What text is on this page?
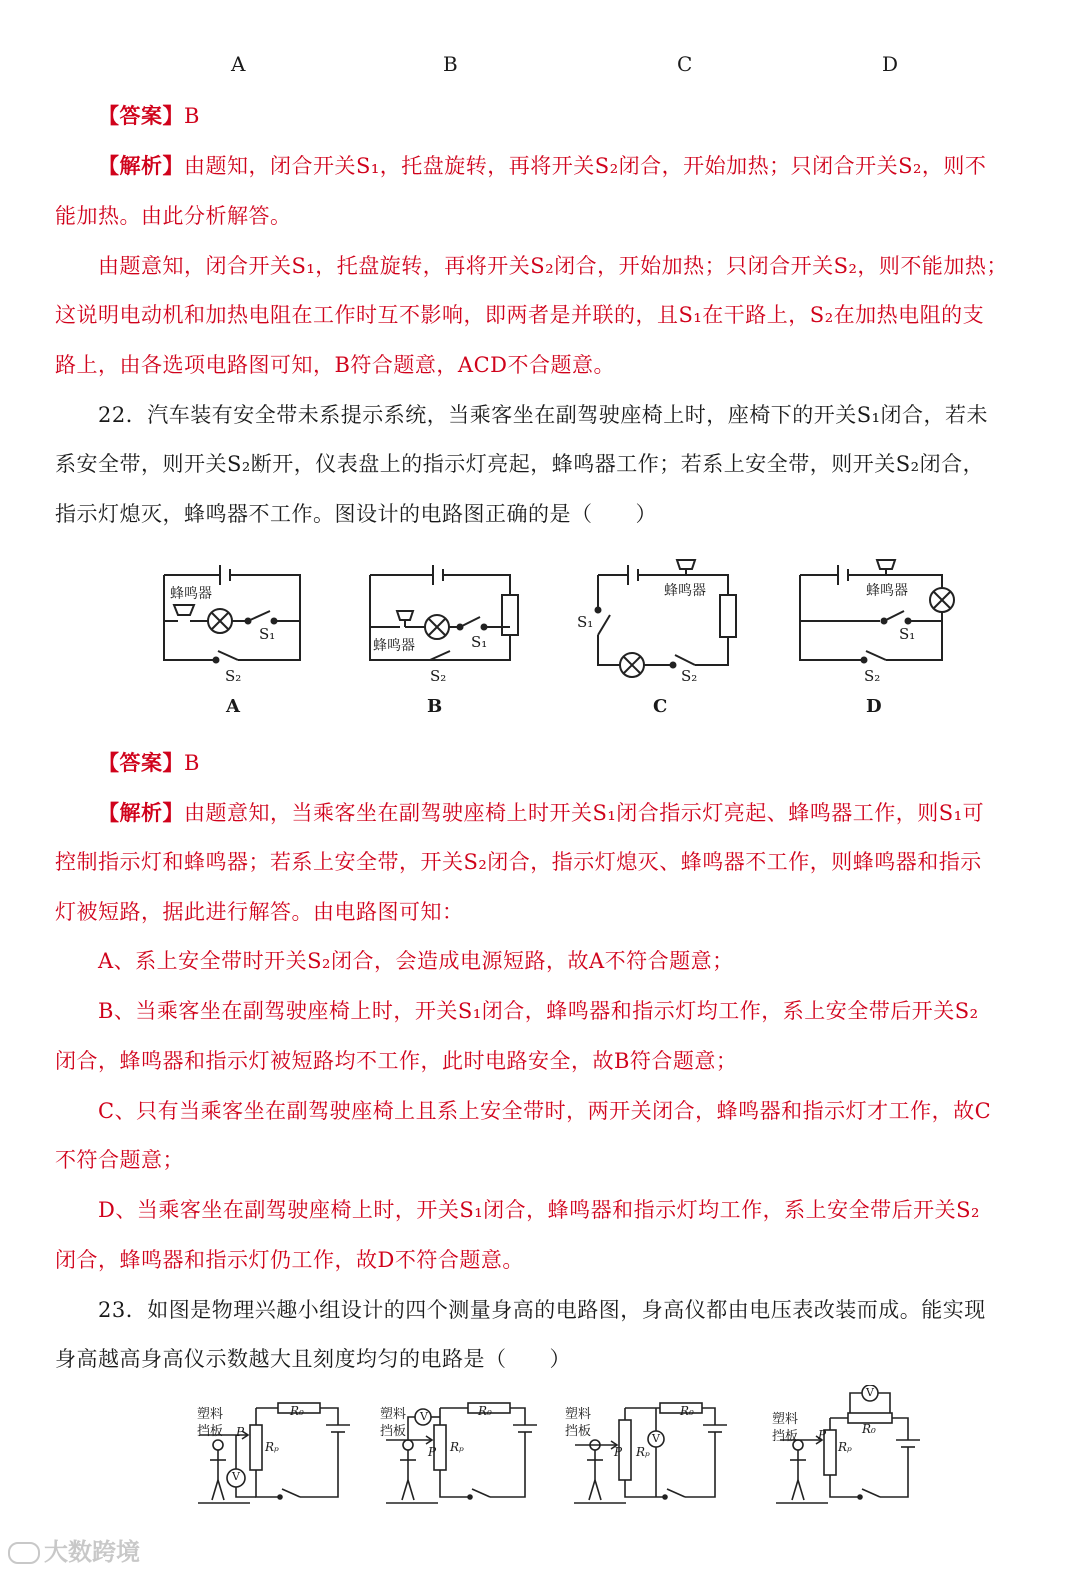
A	B	C	D
【答案】B
【解析】由题知，闭合开关S₁，托盘旋转，再将开关S₂闭合，开始加热；只闭合开关S₂，则不
能加热。由此分析解答。
由题意知，闭合开关S₁，托盘旋转，再将开关S₂闭合，开始加热；只闭合开关S₂，则不能加热；
这说明电动机和加热电阻在工作时互不影响，即两者是并联的，且S₁在干路上，S₂在加热电阻的支
路上，由各选项电路图可知，B符合题意，ACD不合题意。
22．汽车装有安全带未系提示系统，当乘客坐在副驾驶座椅上时，座椅下的开关S₁闭合，若未
系安全带，则开关S₂断开，仪表盘上的指示灯亮起，蜂鸣器工作；若系上安全带，则开关S₂闭合，
指示灯熄灭，蜂鸣器不工作。图设计的电路图正确的是（　　）
蜂鸣器
S₁
S₂
蜂鸣器	S₁
S₂
蜂鸣器
S₁
S₂
蜂鸣器
S₁
S₂
A	B	C	D
【答案】B
【解析】由题意知，当乘客坐在副驾驶座椅上时开关S₁闭合指示灯亮起、蜂鸣器工作，则S₁可
控制指示灯和蜂鸣器；若系上安全带，开关S₂闭合，指示灯熄灭、蜂鸣器不工作，则蜂鸣器和指示
灯被短路，据此进行解答。由电路图可知：
A、系上安全带时开关S₂闭合，会造成电源短路，故A不符合题意；
B、当乘客坐在副驾驶座椅上时，开关S₁闭合，蜂鸣器和指示灯均工作，系上安全带后开关S₂
闭合，蜂鸣器和指示灯被短路均不工作，此时电路安全，故B符合题意；
C、只有当乘客坐在副驾驶座椅上且系上安全带时，两开关闭合，蜂鸣器和指示灯才工作，故C
不符合题意；
D、当乘客坐在副驾驶座椅上时，开关S₁闭合，蜂鸣器和指示灯均工作，系上安全带后开关S₂
闭合，蜂鸣器和指示灯仍工作，故D不符合题意。
23．如图是物理兴趣小组设计的四个测量身高的电路图，身高仪都由电压表改装而成。能实现
身高越高身高仪示数越大且刻度均匀的电路是（　　）
塑料
挡板
R₀
Rₚ
P
V
塑料
挡板
R₀
Rₚ
P
V	塑料
挡板
R₀
Rₚ
P
V
塑料
挡板	R₀
Rₚ
P
V
大数跨境
